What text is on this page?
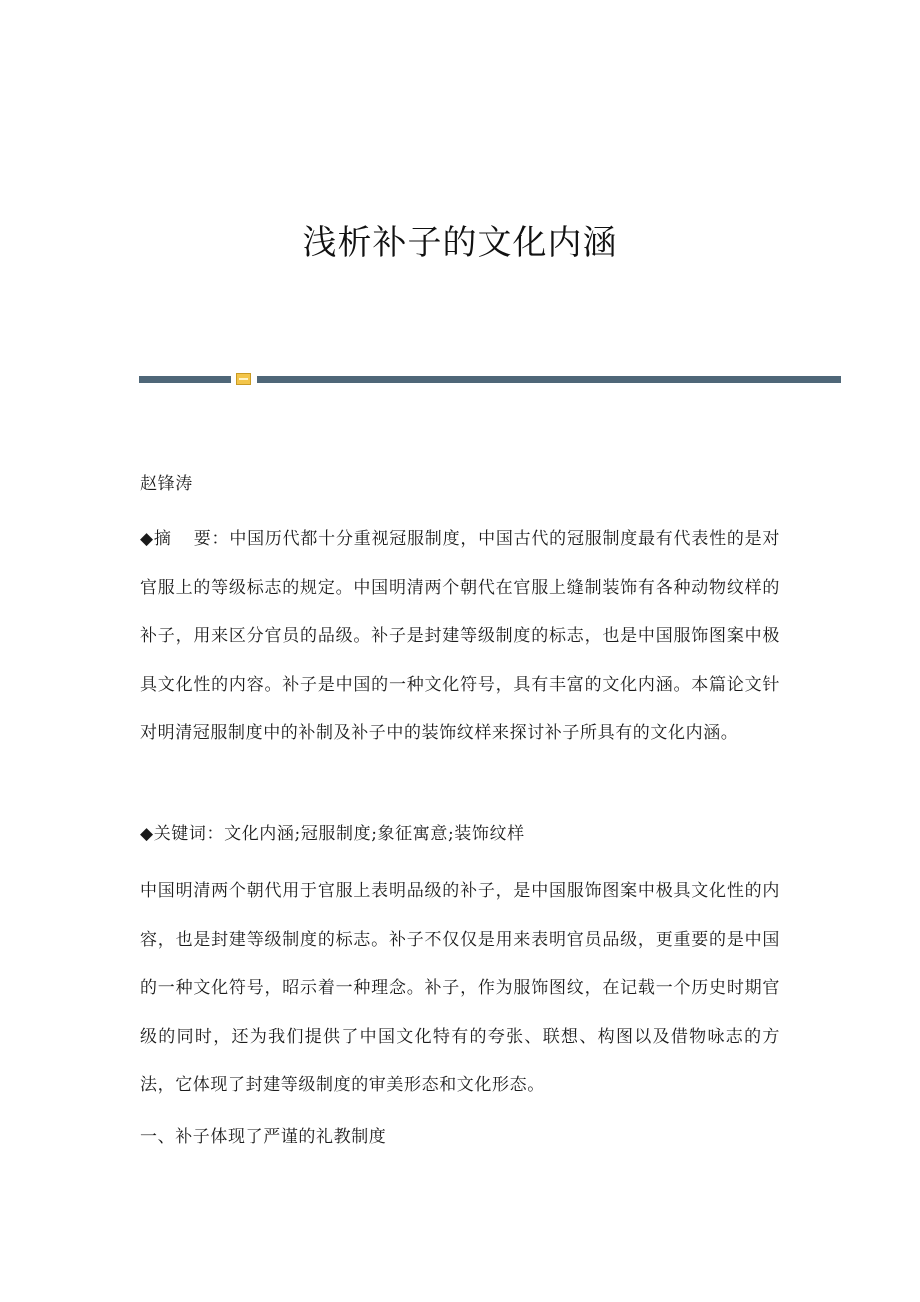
浅析补子的文化内涵

赵锋涛

◆摘 要：中国历代都十分重视冠服制度，中国古代的冠服制度最有代表性的是对官服上的等级标志的规定。中国明清两个朝代在官服上缝制装饰有各种动物纹样的补子，用来区分官员的品级。补子是封建等级制度的标志，也是中国服饰图案中极具文化性的内容。补子是中国的一种文化符号，具有丰富的文化内涵。本篇论文针对明清冠服制度中的补制及补子中的装饰纹样来探讨补子所具有的文化内涵。

◆关键词：文化内涵;冠服制度;象征寓意;装饰纹样

中国明清两个朝代用于官服上表明品级的补子，是中国服饰图案中极具文化性的内容，也是封建等级制度的标志。补子不仅仅是用来表明官员品级，更重要的是中国的一种文化符号，昭示着一种理念。补子，作为服饰图纹，在记载一个历史时期官级的同时，还为我们提供了中国文化特有的夸张、联想、构图以及借物咏志的方法，它体现了封建等级制度的审美形态和文化形态。

一、补子体现了严谨的礼教制度
